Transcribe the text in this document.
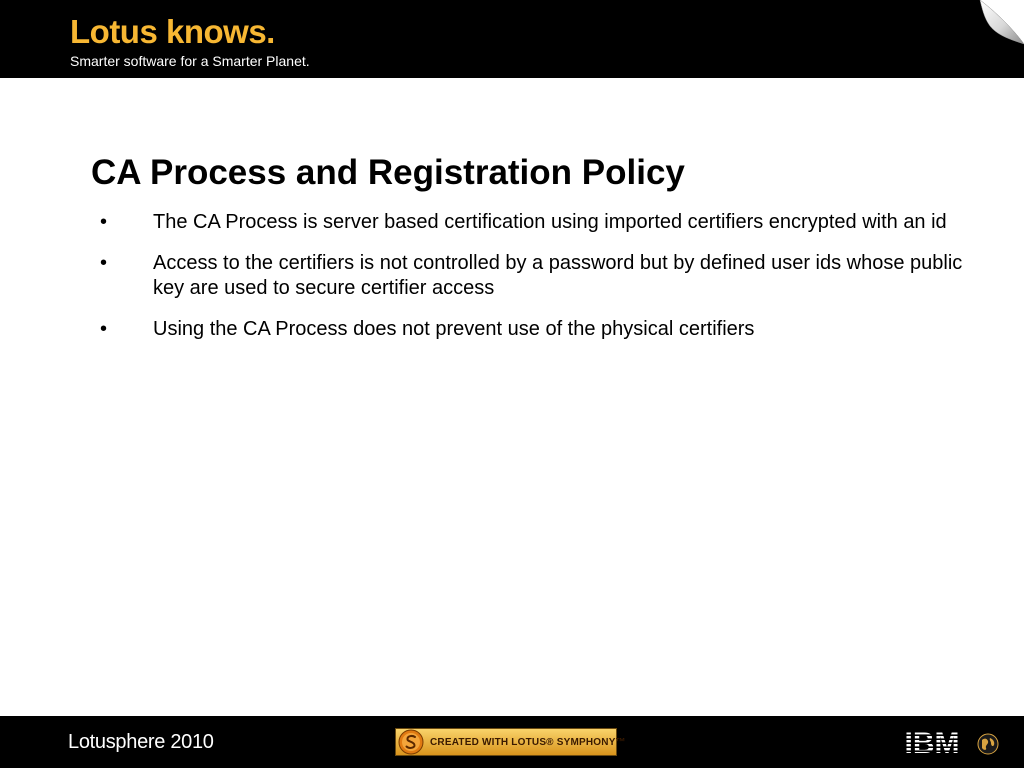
Lotus knows.
Smarter software for a Smarter Planet.
CA Process and Registration Policy
• The CA Process is server based certification using imported certifiers encrypted with an id
• Access to the certifiers is not controlled by a password but by defined user ids whose public key are used to secure certifier access
• Using the CA Process does not prevent use of the physical certifiers
Lotusphere 2010	CREATED WITH LOTUS® SYMPHONY™
